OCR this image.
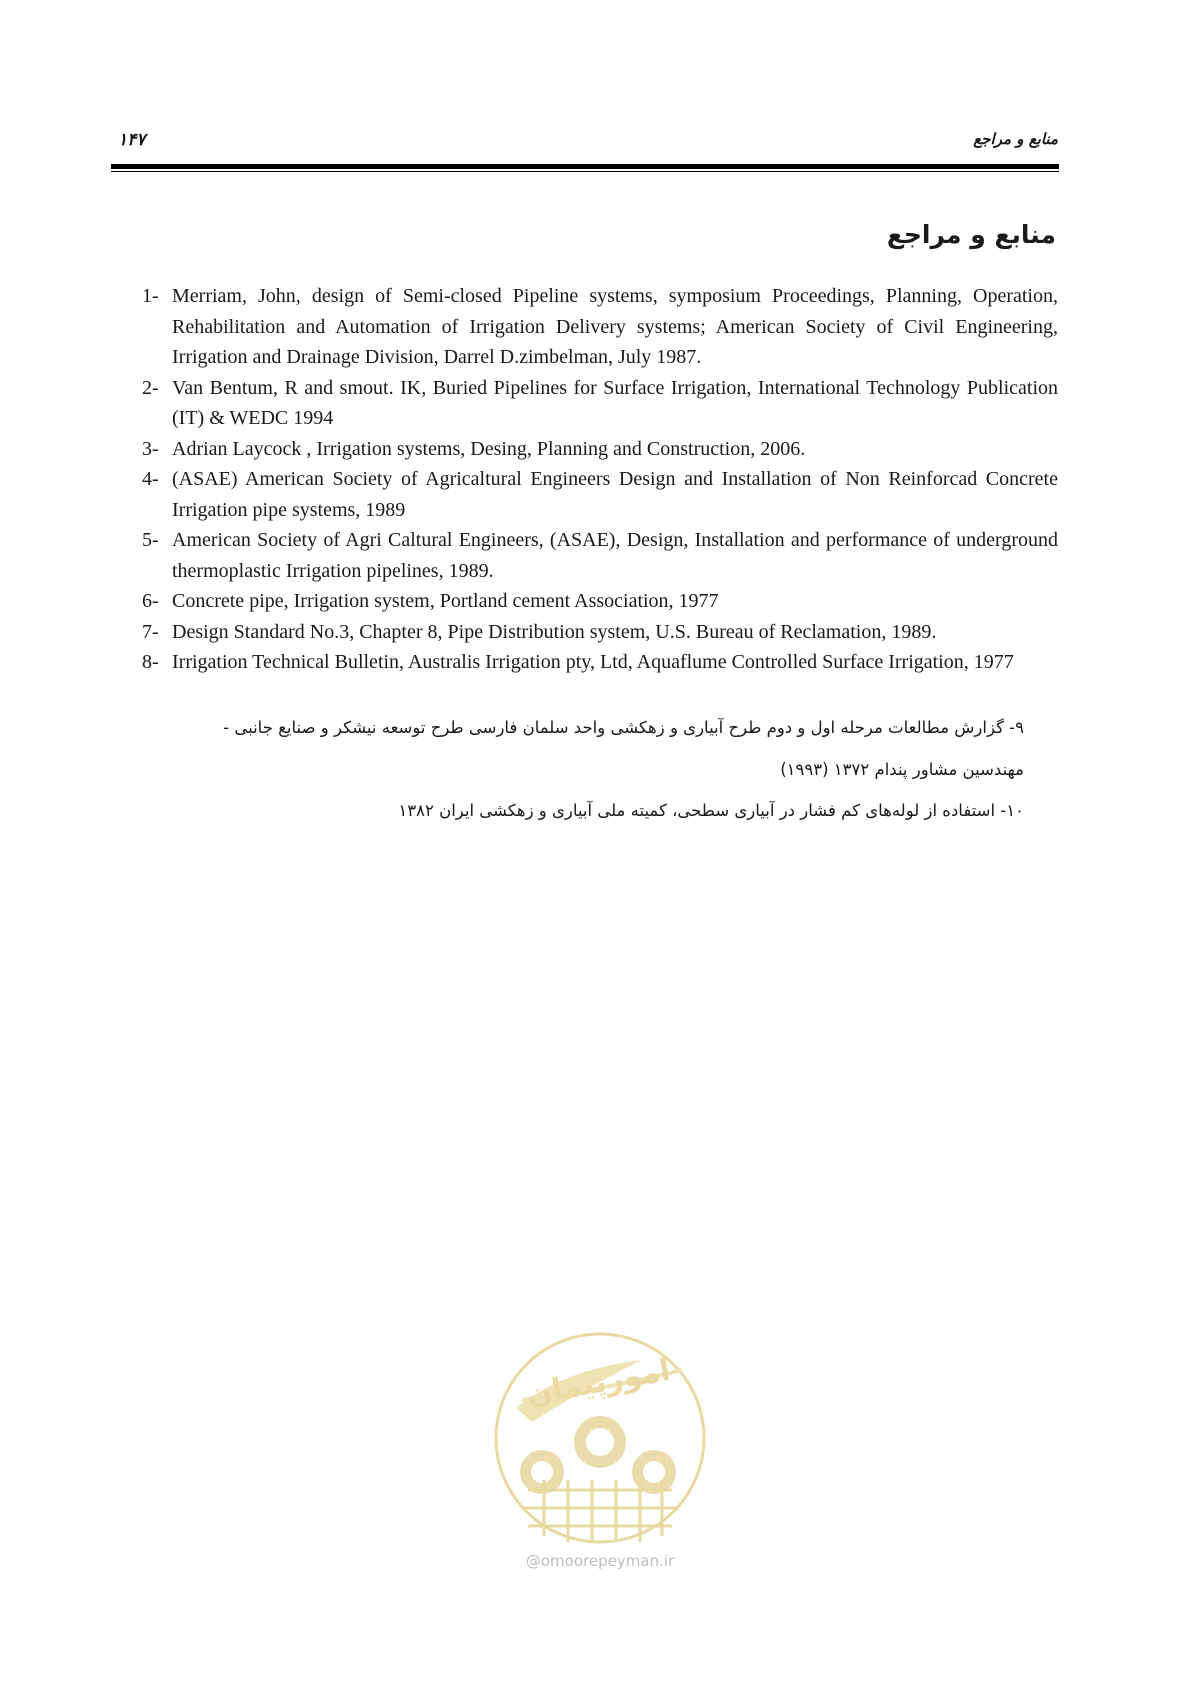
۱۴۷	منابع و مراجع
منابع و مراجع
1- Merriam, John, design of Semi-closed Pipeline systems, symposium Proceedings, Planning, Operation, Rehabilitation and Automation of Irrigation Delivery systems; American Society of Civil Engineering, Irrigation and Drainage Division, Darrel D.zimbelman, July 1987.
2- Van Bentum, R and smout. IK, Buried Pipelines for Surface Irrigation, International Technology Publication (IT) & WEDC 1994
3- Adrian Laycock , Irrigation systems, Desing, Planning and Construction, 2006.
4- (ASAE) American Society of Agricaltural Engineers Design and Installation of Non Reinforcad Concrete Irrigation pipe systems, 1989
5- American Society of Agri Caltural Engineers, (ASAE), Design, Installation and performance of underground thermoplastic Irrigation pipelines, 1989.
6- Concrete pipe, Irrigation system, Portland cement Association, 1977
7- Design Standard No.3, Chapter 8, Pipe Distribution system, U.S. Bureau of Reclamation, 1989.
8- Irrigation Technical Bulletin, Australis Irrigation pty, Ltd, Aquaflume Controlled Surface Irrigation, 1977
۹- گزارش مطالعات مرحله اول و دوم طرح آبیاری و زهکشی واحد سلمان فارسی طرح توسعه نیشکر و صنایع جانبی -
مهندسین مشاور پندام ۱۳۷۲ (۱۹۹۳)
۱۰- استفاده از لوله‌های کم فشار در آبیاری سطحی، کمیته ملی آبیاری و زهکشی ایران ۱۳۸۲
امورپیمان
@omoorepeyman.ir
